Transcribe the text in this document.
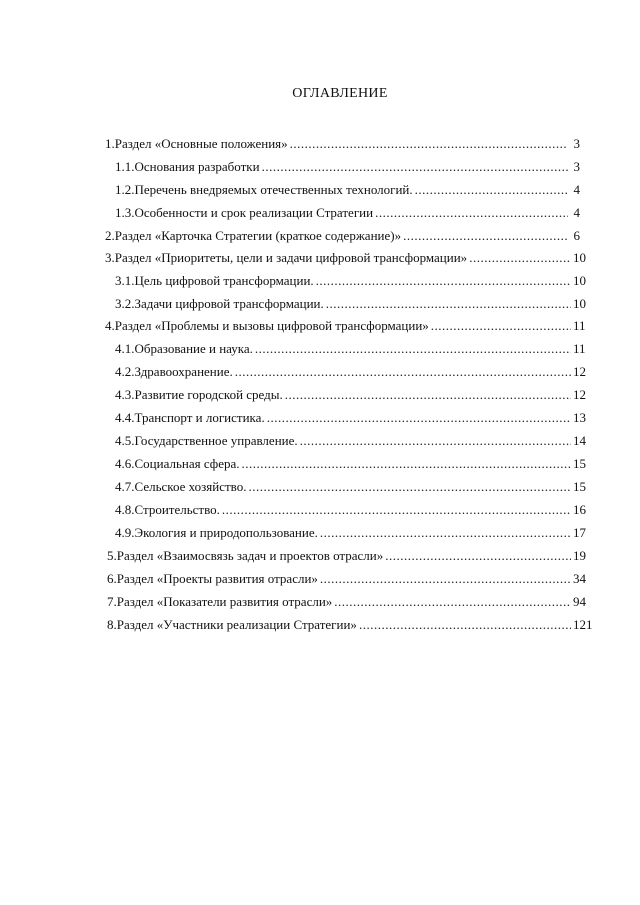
ОГЛАВЛЕНИЕ
1. Раздел «Основные положения» .....	3
1.1. Основания разработки .....	3
1.2. Перечень внедряемых отечественных технологий. .....	4
1.3. Особенности и срок реализации Стратегии .....	4
2. Раздел «Карточка Стратегии (краткое содержание)» .....	6
3. Раздел «Приоритеты, цели и задачи цифровой трансформации» .....	10
3.1. Цель цифровой трансформации. .....	10
3.2. Задачи цифровой трансформации. .....	10
4. Раздел «Проблемы и вызовы цифровой трансформации» .....	11
4.1. Образование и наука. .....	11
4.2. Здравоохранение. .....	12
4.3. Развитие городской среды. .....	12
4.4. Транспорт и логистика. .....	13
4.5. Государственное управление. .....	14
4.6. Социальная сфера. .....	15
4.7. Сельское хозяйство. .....	15
4.8. Строительство. .....	16
4.9. Экология и природопользование. .....	17
5. Раздел «Взаимосвязь задач и проектов отрасли» .....	19
6. Раздел «Проекты развития отрасли» .....	34
7. Раздел «Показатели развития отрасли» .....	94
8. Раздел «Участники реализации Стратегии» .....	121
